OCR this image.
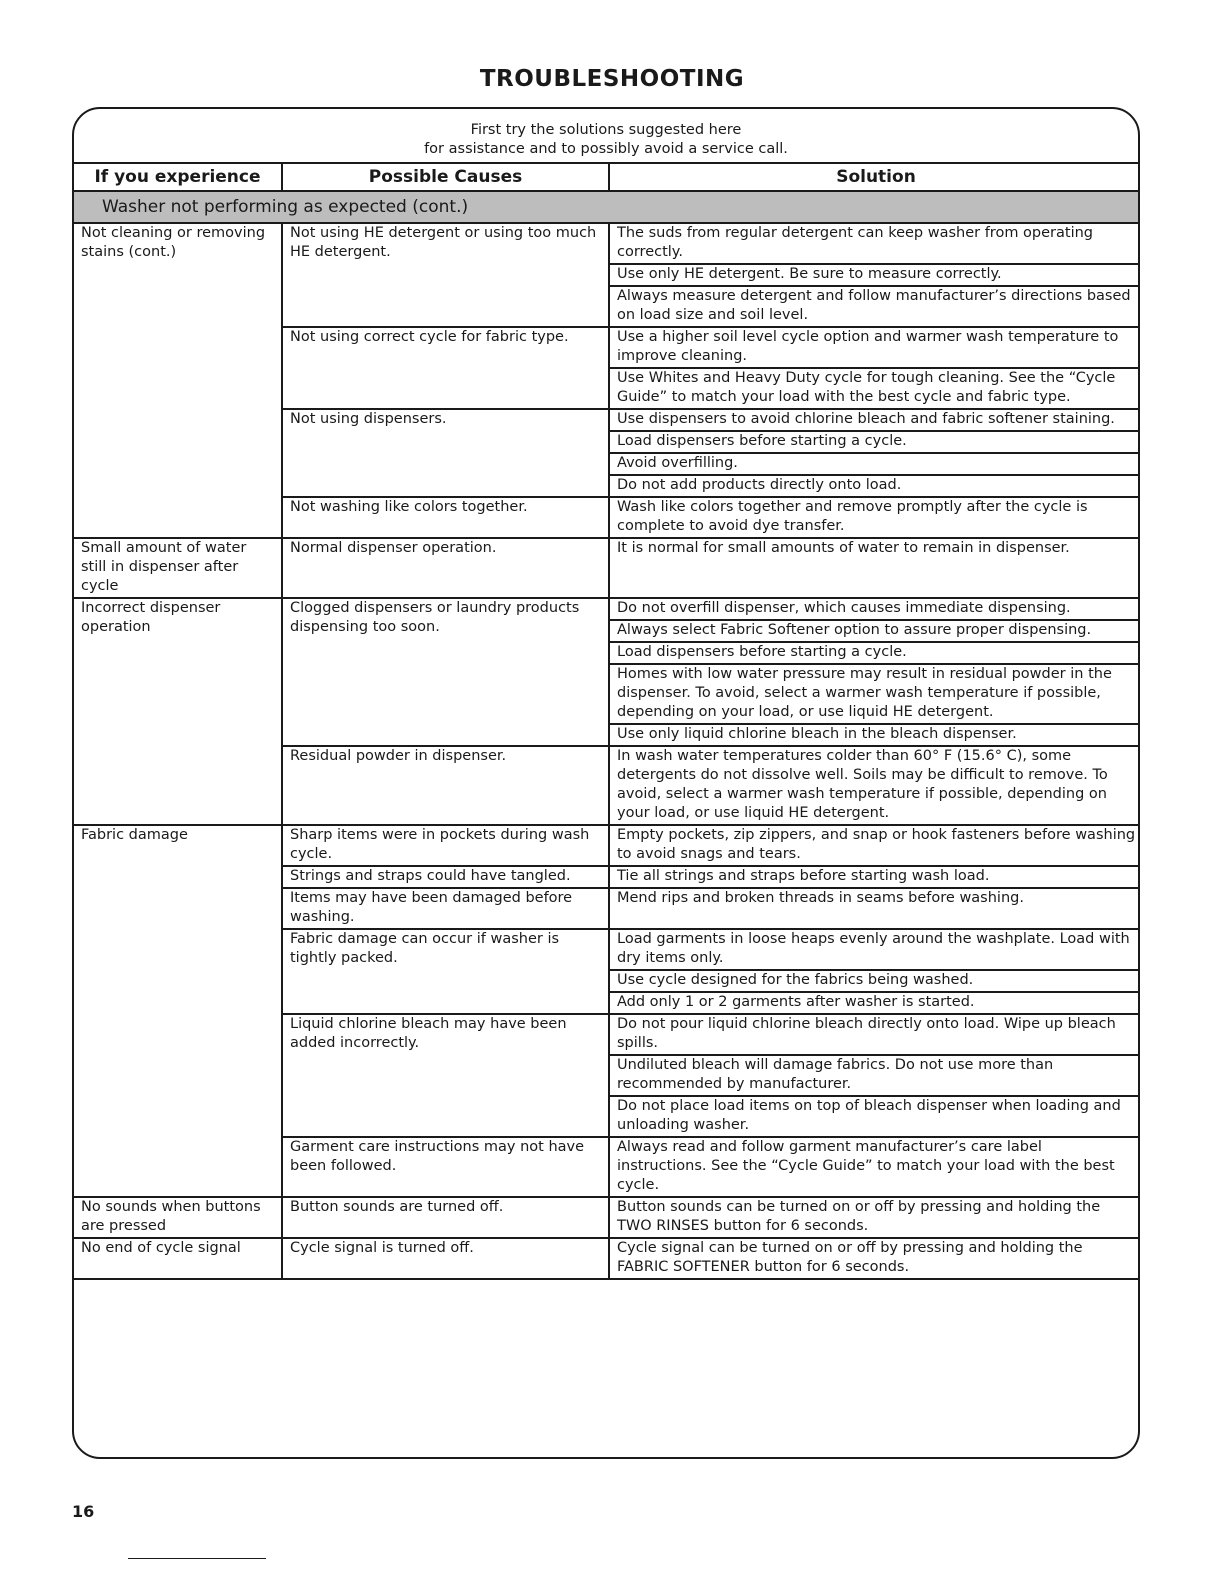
TROUBLESHOOTING
First try the solutions suggested here
for assistance and to possibly avoid a service call.
If you experience	Possible Causes	Solution
Washer not performing as expected (cont.)		
Not cleaning or removing stains (cont.)	Not using HE detergent or using too much HE detergent.	The suds from regular detergent can keep washer from operating correctly.
		Use only HE detergent. Be sure to measure correctly.
		Always measure detergent and follow manufacturer’s directions based on load size and soil level.
	Not using correct cycle for fabric type.	Use a higher soil level cycle option and warmer wash temperature to improve cleaning.
		Use Whites and Heavy Duty cycle for tough cleaning. See the “Cycle Guide” to match your load with the best cycle and fabric type.
	Not using dispensers.	Use dispensers to avoid chlorine bleach and fabric softener staining.
		Load dispensers before starting a cycle.
		Avoid overfilling.
		Do not add products directly onto load.
	Not washing like colors together.	Wash like colors together and remove promptly after the cycle is complete to avoid dye transfer.
Small amount of water still in dispenser after cycle	Normal dispenser operation.	It is normal for small amounts of water to remain in dispenser.
Incorrect dispenser operation	Clogged dispensers or laundry products dispensing too soon.	Do not overfill dispenser, which causes immediate dispensing.
		Always select Fabric Softener option to assure proper dispensing.
		Load dispensers before starting a cycle.
		Homes with low water pressure may result in residual powder in the dispenser. To avoid, select a warmer wash temperature if possible, depending on your load, or use liquid HE detergent.
		Use only liquid chlorine bleach in the bleach dispenser.
	Residual powder in dispenser.	In wash water temperatures colder than 60° F (15.6° C), some detergents do not dissolve well. Soils may be difficult to remove. To avoid, select a warmer wash temperature if possible, depending on your load, or use liquid HE detergent.
Fabric damage	Sharp items were in pockets during wash cycle.	Empty pockets, zip zippers, and snap or hook fasteners before washing to avoid snags and tears.
	Strings and straps could have tangled.	Tie all strings and straps before starting wash load.
	Items may have been damaged before washing.	Mend rips and broken threads in seams before washing.
	Fabric damage can occur if washer is tightly packed.	Load garments in loose heaps evenly around the washplate. Load with dry items only.
		Use cycle designed for the fabrics being washed.
		Add only 1 or 2 garments after washer is started.
	Liquid chlorine bleach may have been added incorrectly.	Do not pour liquid chlorine bleach directly onto load. Wipe up bleach spills.
		Undiluted bleach will damage fabrics. Do not use more than recommended by manufacturer.
		Do not place load items on top of bleach dispenser when loading and unloading washer.
	Garment care instructions may not have been followed.	Always read and follow garment manufacturer’s care label instructions. See the “Cycle Guide” to match your load with the best cycle.
No sounds when buttons are pressed	Button sounds are turned off.	Button sounds can be turned on or off by pressing and holding the TWO RINSES button for 6 seconds.
No end of cycle signal	Cycle signal is turned off.	Cycle signal can be turned on or off by pressing and holding the FABRIC SOFTENER button for 6 seconds.
16
